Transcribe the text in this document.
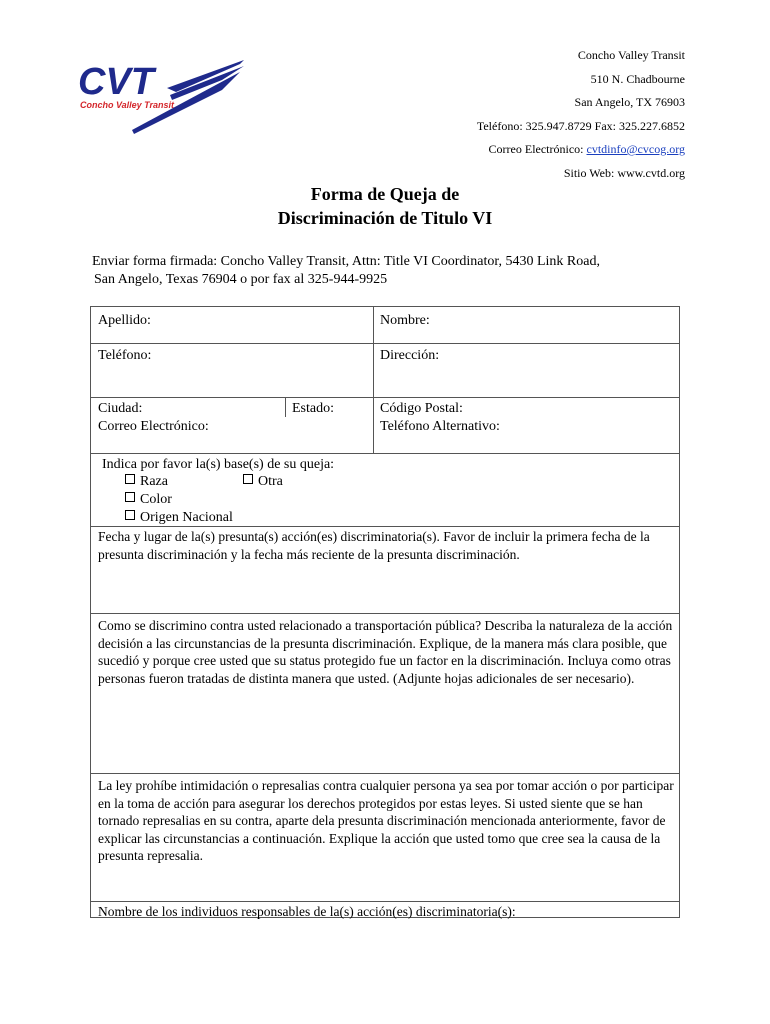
CVT
Concho Valley Transit
Concho Valley Transit
510 N. Chadbourne
San Angelo, TX 76903
Teléfono: 325.947.8729 Fax: 325.227.6852
Correo Electrónico: cvtdinfo@cvcog.org
Sitio Web: www.cvtd.org
Forma de Queja de
Discriminación de Titulo VI
Enviar forma firmada: Concho Valley Transit, Attn: Title VI Coordinator, 5430 Link Road,
San Angelo, Texas 76904 o por fax al 325-944-9925
Apellido:	Nombre:
Teléfono:	Dirección:
Ciudad:	Estado:	Código Postal:
Correo Electrónico:	Teléfono Alternativo:
Indica por favor la(s) base(s) de su queja:
Raza	Otra
Color
Origen Nacional
Fecha y lugar de la(s) presunta(s) acción(es) discriminatoria(s). Favor de incluir la primera fecha de la presunta discriminación y la fecha más reciente de la presunta discriminación.
Como se discrimino contra usted relacionado a transportación pública? Describa la naturaleza de la acción decisión a las circunstancias de la presunta discriminación. Explique, de la manera más clara posible, que sucedió y porque cree usted que su status protegido fue un factor en la discriminación. Incluya como otras personas fueron tratadas de distinta manera que usted. (Adjunte hojas adicionales de ser necesario).
La ley prohíbe intimidación o represalias contra cualquier persona ya sea por tomar acción o por participar en la toma de acción para asegurar los derechos protegidos por estas leyes. Si usted siente que se han tornado represalias en su contra, aparte dela presunta discriminación mencionada anteriormente, favor de explicar las circunstancias a continuación. Explique la acción que usted tomo que cree sea la causa de la presunta represalia.
Nombre de los individuos responsables de la(s) acción(es) discriminatoria(s):
